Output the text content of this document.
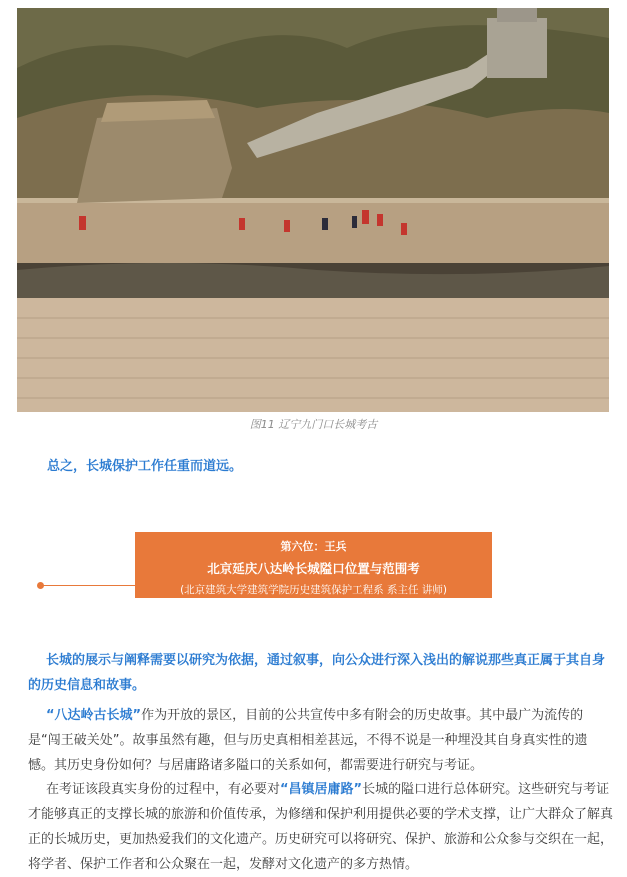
图11 辽宁九门口长城考古
总之，长城保护工作任重而道远。
第六位：王兵
北京延庆八达岭长城隘口位置与范围考
(北京建筑大学建筑学院历史建筑保护工程系 系主任 讲师)
长城的展示与阐释需要以研究为依据，通过叙事，向公众进行深入浅出的解说那些真正属于其自身的历史信息和故事。
“八达岭古长城”作为开放的景区，目前的公共宣传中多有附会的历史故事。其中最广为流传的是“闯王破关处”。故事虽然有趣，但与历史真相相差甚远，不得不说是一种埋没其自身真实性的遗憾。其历史身份如何？与居庸路诸多隘口的关系如何，都需要进行研究与考证。
在考证该段真实身份的过程中，有必要对“昌镇居庸路”长城的隘口进行总体研究。这些研究与考证才能够真正的支撑长城的旅游和价值传承，为修缮和保护利用提供必要的学术支撑，让广大群众了解真正的长城历史，更加热爱我们的文化遗产。历史研究可以将研究、保护、旅游和公众参与交织在一起，将学者、保护工作者和公众聚在一起，发酵对文化遗产的多方热情。
